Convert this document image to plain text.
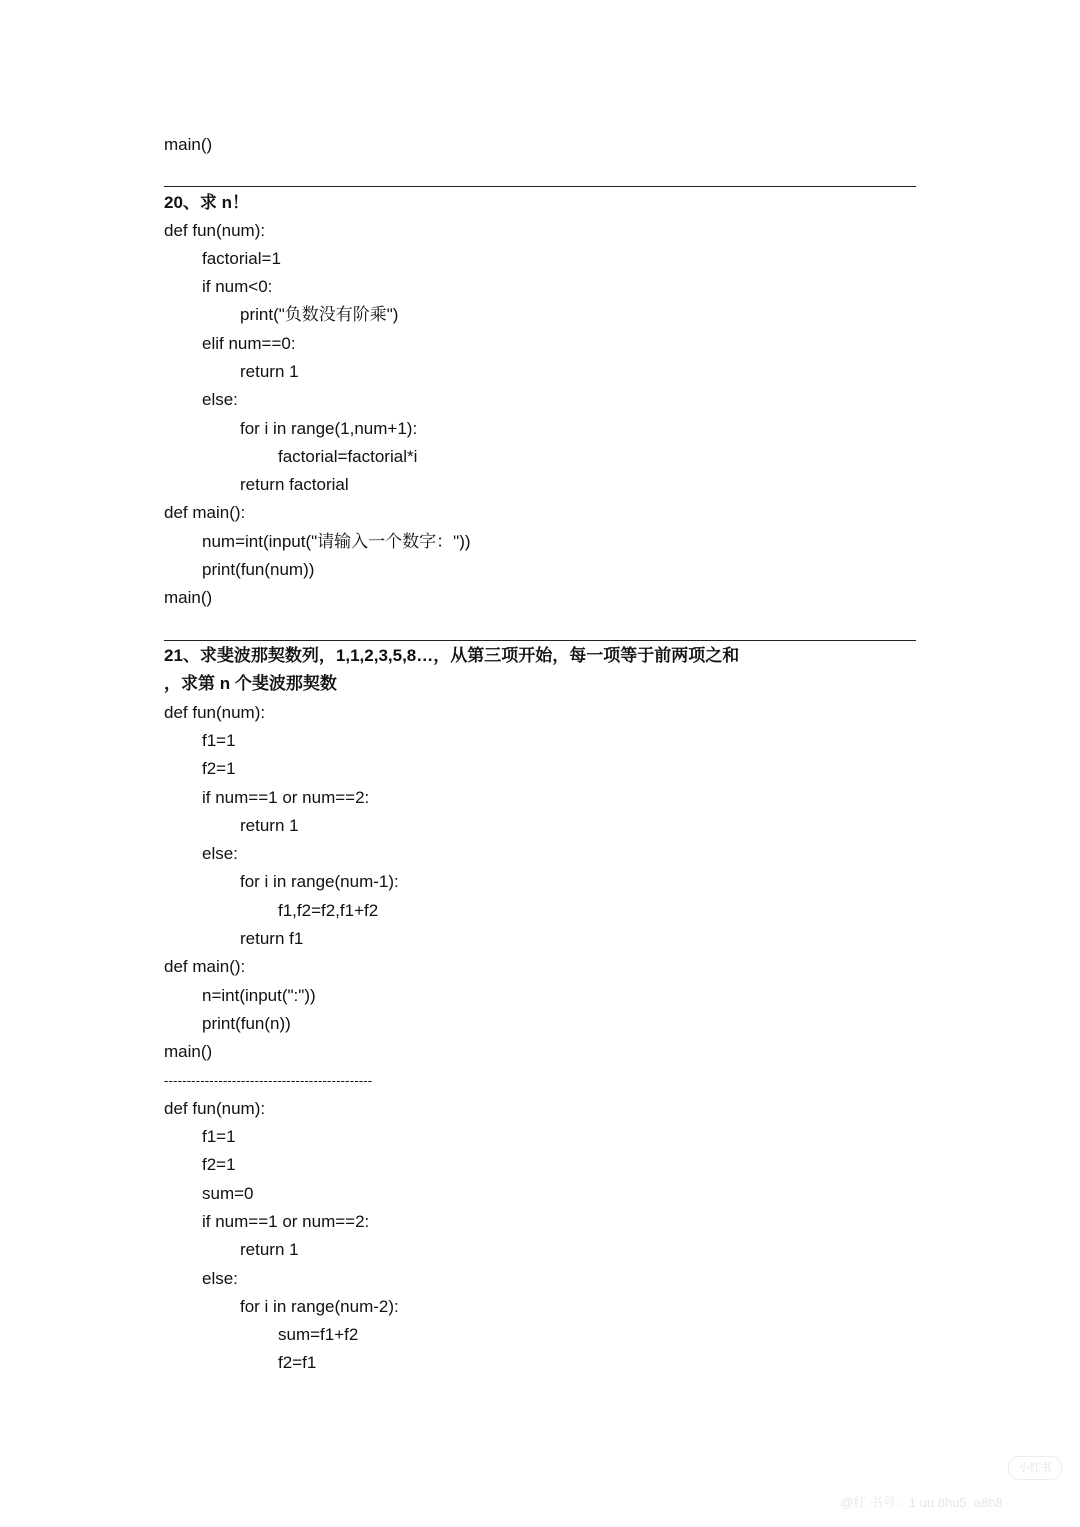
main()
20、求 n！
def fun(num):
factorial=1
if num<0:
print("负数没有阶乘")
elif num==0:
return 1
else:
for i in range(1,num+1):
factorial=factorial*i
return factorial
def main():
num=int(input("请输入一个数字："))
print(fun(num))
main()
21、求斐波那契数列，1,1,2,3,5,8…，从第三项开始，每一项等于前两项之和
，求第 n 个斐波那契数
def fun(num):
f1=1
f2=1
if num==1 or num==2:
return 1
else:
for i in range(num-1):
f1,f2=f2,f1+f2
return f1
def main():
n=int(input(":"))
print(fun(n))
main()
----------------------------------------------
def fun(num):
f1=1
f2=1
sum=0
if num==1 or num==2:
return 1
else:
for i in range(num-2):
sum=f1+f2
f2=f1
小红书
@红 书号：1 uu 8hu5  a8h8
